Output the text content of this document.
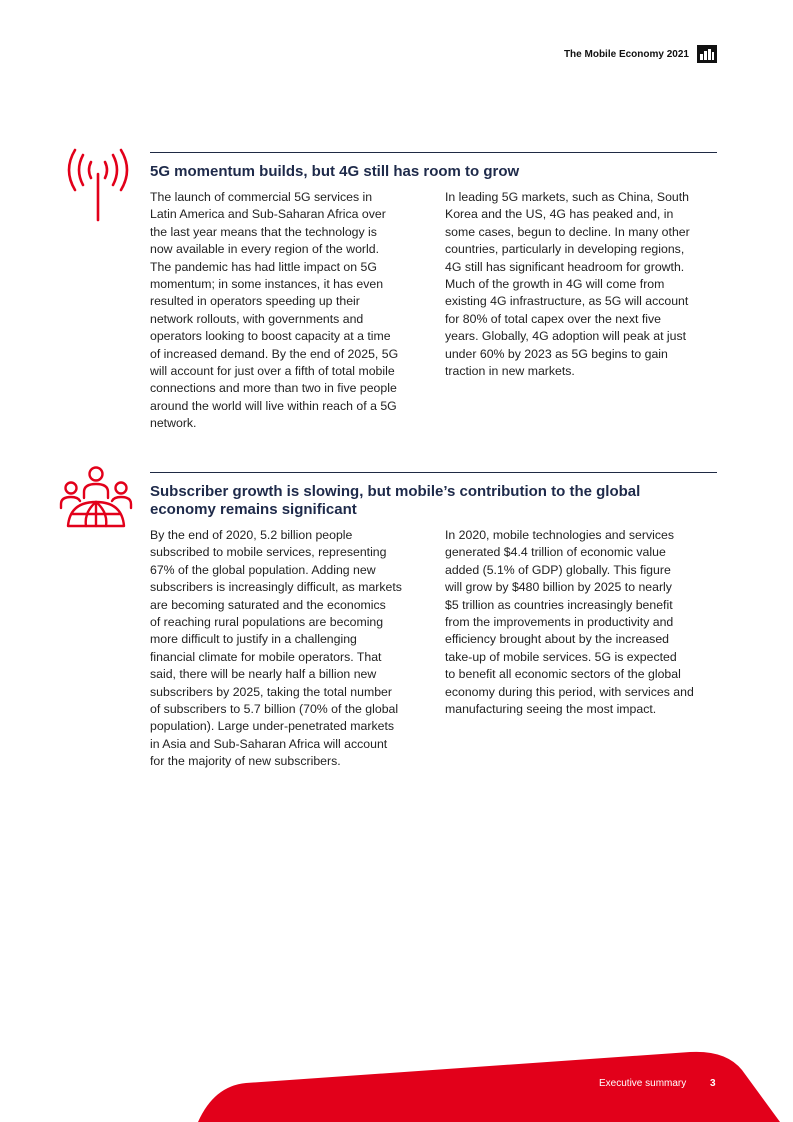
The Mobile Economy 2021
5G momentum builds, but 4G still has room to grow
The launch of commercial 5G services in
Latin America and Sub-Saharan Africa over
the last year means that the technology is
now available in every region of the world.
The pandemic has had little impact on 5G
momentum; in some instances, it has even
resulted in operators speeding up their
network rollouts, with governments and
operators looking to boost capacity at a time
of increased demand. By the end of 2025, 5G
will account for just over a fifth of total mobile
connections and more than two in five people
around the world will live within reach of a 5G
network.
In leading 5G markets, such as China, South
Korea and the US, 4G has peaked and, in
some cases, begun to decline. In many other
countries, particularly in developing regions,
4G still has significant headroom for growth.
Much of the growth in 4G will come from
existing 4G infrastructure, as 5G will account
for 80% of total capex over the next five
years. Globally, 4G adoption will peak at just
under 60% by 2023 as 5G begins to gain
traction in new markets.
Subscriber growth is slowing, but mobile’s contribution to the global
economy remains significant
By the end of 2020, 5.2 billion people
subscribed to mobile services, representing
67% of the global population. Adding new
subscribers is increasingly difficult, as markets
are becoming saturated and the economics
of reaching rural populations are becoming
more difficult to justify in a challenging
financial climate for mobile operators. That
said, there will be nearly half a billion new
subscribers by 2025, taking the total number
of subscribers to 5.7 billion (70% of the global
population). Large under-penetrated markets
in Asia and Sub-Saharan Africa will account
for the majority of new subscribers.
In 2020, mobile technologies and services
generated $4.4 trillion of economic value
added (5.1% of GDP) globally. This figure
will grow by $480 billion by 2025 to nearly
$5 trillion as countries increasingly benefit
from the improvements in productivity and
efficiency brought about by the increased
take-up of mobile services. 5G is expected
to benefit all economic sectors of the global
economy during this period, with services and
manufacturing seeing the most impact.
Executive summary 3
